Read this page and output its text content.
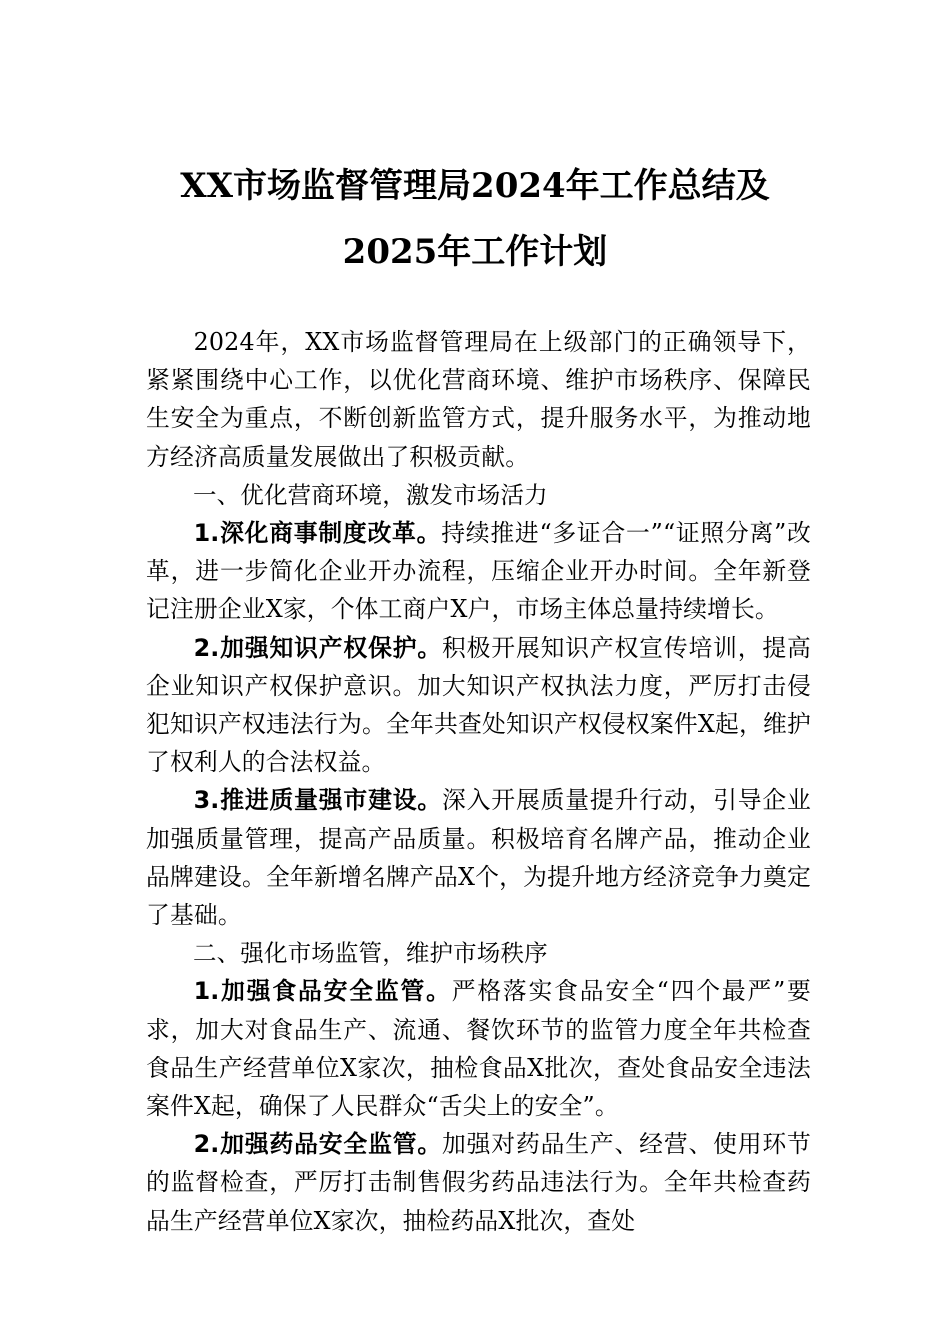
XX市场监督管理局2024年工作总结及
2025年工作计划

2024年，XX市场监督管理局在上级部门的正确领导下，紧紧围绕中心工作，以优化营商环境、维护市场秩序、保障民生安全为重点，不断创新监管方式，提升服务水平，为推动地方经济高质量发展做出了积极贡献。

一、优化营商环境，激发市场活力

1.深化商事制度改革。持续推进“多证合一”“证照分离”改革，进一步简化企业开办流程，压缩企业开办时间。全年新登记注册企业X家，个体工商户X户，市场主体总量持续增长。

2.加强知识产权保护。积极开展知识产权宣传培训，提高企业知识产权保护意识。加大知识产权执法力度，严厉打击侵犯知识产权违法行为。全年共查处知识产权侵权案件X起，维护了权利人的合法权益。

3.推进质量强市建设。深入开展质量提升行动，引导企业加强质量管理，提高产品质量。积极培育名牌产品，推动企业品牌建设。全年新增名牌产品X个，为提升地方经济竞争力奠定了基础。

二、强化市场监管，维护市场秩序

1.加强食品安全监管。严格落实食品安全“四个最严”要求，加大对食品生产、流通、餐饮环节的监管力度全年共检查食品生产经营单位X家次，抽检食品X批次，查处食品安全违法案件X起，确保了人民群众“舌尖上的安全”。

2.加强药品安全监管。加强对药品生产、经营、使用环节的监督检查，严厉打击制售假劣药品违法行为。全年共检查药品生产经营单位X家次，抽检药品X批次，查处
